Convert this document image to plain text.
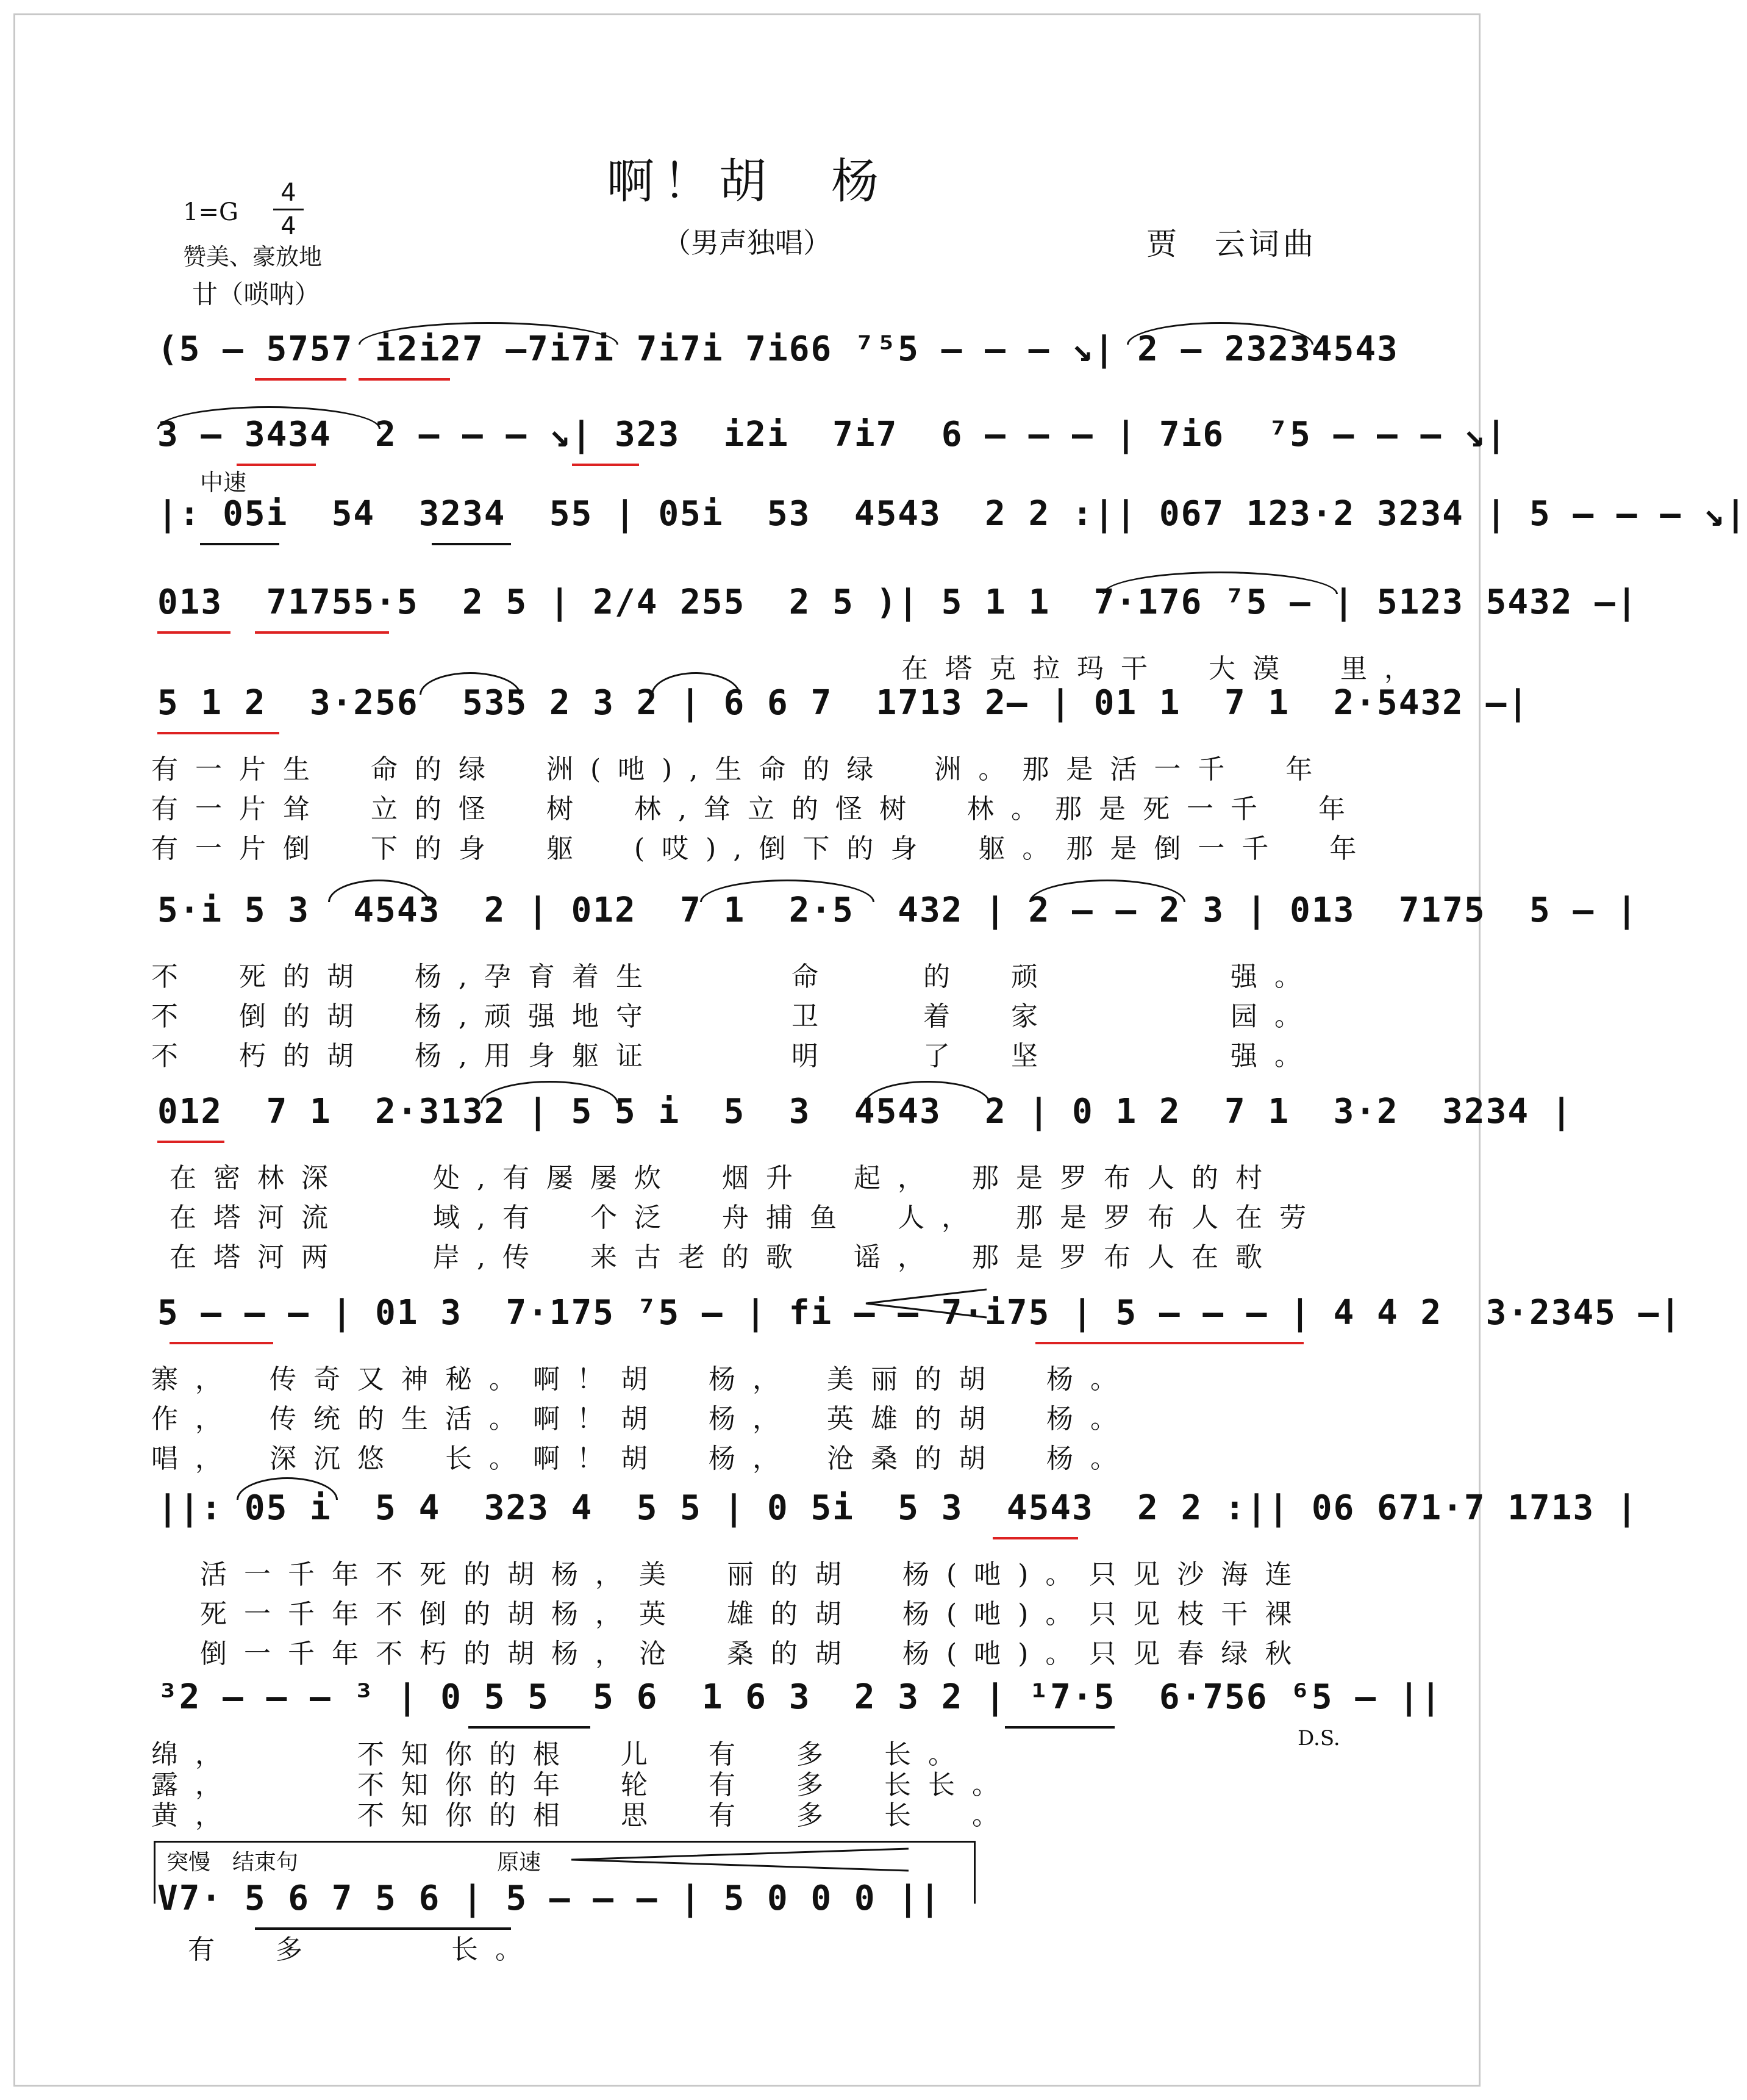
啊！胡　杨
（男声独唱）	贾　云词曲
1=G
4
4
赞美、豪放地
廿（唢呐）
(5 – 5757 i2i27 –7i7i 7i7i 7i66 ⁷⁵5 – – – ↘| 2 – 23234543
3 – 3434  2 – – – ↘| 323  i2i  7i7  6 – – – | 7i6  ⁷5 – – – ↘|
中速
|: 05i  54  3234  55 | 05i  53  4543  2 2 :|| 067 123·2 3234 | 5 – – – ↘|
013  71755·5  2 5 | 2/4 255  2 5 )| 5 1 1  7·176 ⁷5 – | 5123 5432 –|
在塔克拉玛干　大漠　里，
5 1 2  3·256  535 2 3 2 | 6 6 7  1713 2– | 01 1  7 1  2·5432 –|
有一片生　命的绿　洲(吔),生命的绿　洲。那是活一千　年
有一片耸　立的怪　树　林,耸立的怪树　林。那是死一千　年
有一片倒　下的身　躯　(哎),倒下的身　躯。那是倒一千　年
5·i 5 3  4543  2 | 012  7 1  2·5  432 | 2 – – 2 3 | 013  7175  5 – |
不　死的胡　杨,孕育着生　　　命　　的　顽　　　　强。
不　倒的胡　杨,顽强地守　　　卫　　着　家　　　　园。
不　朽的胡　杨,用身躯证　　　明　　了　坚　　　　强。
012  7 1  2·3132 | 5 5 i  5  3  4543  2 | 0 1 2  7 1  3·2  3234 |
在密林深　　处,有屡屡炊　烟升　起，　那是罗布人的村
在塔河流　　域,有　个泛　舟捕鱼　人，　那是罗布人在劳
在塔河两　　岸,传　来古老的歌　谣，　那是罗布人在歌
5 – – – | 01 3  7·175 ⁷5 – | fi – – 7·i75 | 5 – – – | 4 4 2  3·2345 –|
寨，　传奇又神秘。啊！胡　杨，　美丽的胡　杨。
作，　传统的生活。啊！胡　杨，　英雄的胡　杨。
唱，　深沉悠　长。啊！胡　杨，　沧桑的胡　杨。
||: 05 i  5 4  323 4  5 5 | 0 5i  5 3  4543  2 2 :|| 06 671·7 1713 |
活一千年不死的胡杨，美　丽的胡　杨(吔)。只见沙海连
死一千年不倒的胡杨，英　雄的胡　杨(吔)。只见枝干裸
倒一千年不朽的胡杨，沧　桑的胡　杨(吔)。只见春绿秋
³2 – – – ³ | 0 5 5  5 6  1 6 3  2 3 2 | ¹7·5  6·756 ⁶5 – ||
D.S.
绵，　　　不知你的根　儿　有　多　长。
露，　　　不知你的年　轮　有　多　长长。
黄，　　　不知你的相　思　有　多　长　。
突慢　结束句	原速
V7· 5 6 7 5 6 | 5 – – – | 5 0 0 0 ||
有　多　　　长。
